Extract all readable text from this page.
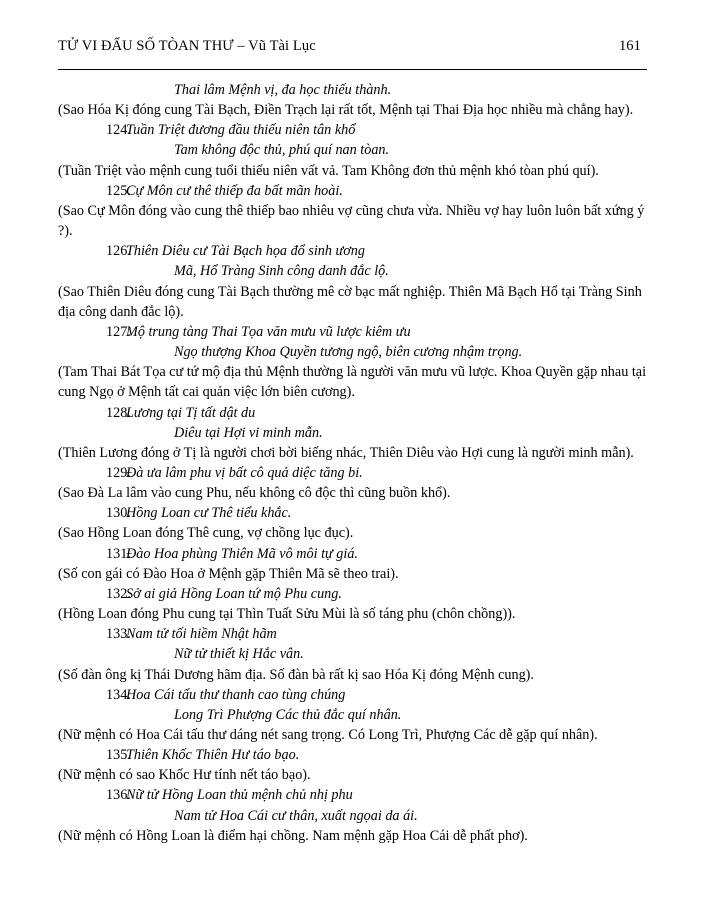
TỬ VI ĐẨU SỐ TÒAN THƯ – Vũ Tài Lục	161

Thai lâm Mệnh vị, đa học thiếu thành.

(Sao Hóa Kị đóng cung Tài Bạch, Điền Trạch lại rất tốt, Mệnh tại Thai Địa học nhiều mà chẳng hay).

124.
Tuần Triệt đương đầu thiếu niên tân khổ

Tam không độc thủ, phú quí nan tòan.

(Tuần Triệt vào mệnh cung tuổi thiếu niên vất vả. Tam Không đơn thủ mệnh khó tòan phú quí).

125.
Cự Môn cư thê thiếp đa bất mãn hoài.

(Sao Cự Môn đóng vào cung thê thiếp bao nhiêu vợ cũng chưa vừa. Nhiều vợ hay luôn luôn bất xứng ý ?).

126.
Thiên Diêu cư Tài Bạch họa đổ sinh ương

Mã, Hổ Tràng Sinh công danh đắc lộ.

(Sao Thiên Diêu đóng cung Tài Bạch thường mê cờ bạc mất nghiệp. Thiên Mã Bạch Hổ tại Tràng Sinh địa công danh đắc lộ).

127.
Mộ trung tàng Thai Tọa văn mưu vũ lược kiêm ưu

Ngọ thượng Khoa Quyền tương ngộ, biên cương nhậm trọng.

(Tam Thai Bát Tọa cư tứ mộ địa thủ Mệnh thường là người văn mưu vũ lược. Khoa Quyền gặp nhau tại cung Ngọ ở Mệnh tất cai quản việc lớn biên cương).

128.
Lương tại Tị tất dật du

Diêu tại Hợi vi minh mẫn.

(Thiên Lương đóng ở Tị là người chơi bời biếng nhác, Thiên Diêu vào Hợi cung là người minh mẫn).

129.
Đà ưa lâm phu vị bất cô quả diệc tăng bi.

(Sao Đà La lâm vào cung Phu, nếu không cô độc thì cũng buồn khổ).

130.
Hồng Loan cư Thê tiểu khắc.

(Sao Hồng Loan đóng Thê cung, vợ chồng lục đục).

131.
Đào Hoa phùng Thiên Mã vô môi tự giá.

(Số con gái có Đào Hoa ở Mệnh gặp Thiên Mã sẽ theo trai).

132.
Sở ai giả Hồng Loan tứ mộ Phu cung.

(Hồng Loan đóng Phu cung tại Thìn Tuất Sửu Mùi là số táng phu (chôn chồng)).

133.
Nam tử tối hiềm Nhật hãm

Nữ tử thiết kị Hắc vân.

(Số đàn ông kị Thái Dương hãm địa. Số đàn bà rất kị sao Hóa Kị đóng Mệnh cung).

134.
Hoa Cái tấu thư thanh cao tùng chúng

Long Trì Phượng Các thủ đắc quí nhân.

(Nữ mệnh có Hoa Cái tấu thư dáng nét sang trọng. Có Long Trì, Phượng Các dễ gặp quí nhân).

135.
Thiên Khốc Thiên Hư táo bạo.

(Nữ mệnh có sao Khốc Hư tính nết táo bạo).

136.
Nữ tử Hồng Loan thủ mệnh chủ nhị phu

Nam tử Hoa Cái cư thân, xuất ngọai da ái.

(Nữ mệnh có Hồng Loan là điểm hại chồng. Nam mệnh gặp Hoa Cái dễ phất phơ).
